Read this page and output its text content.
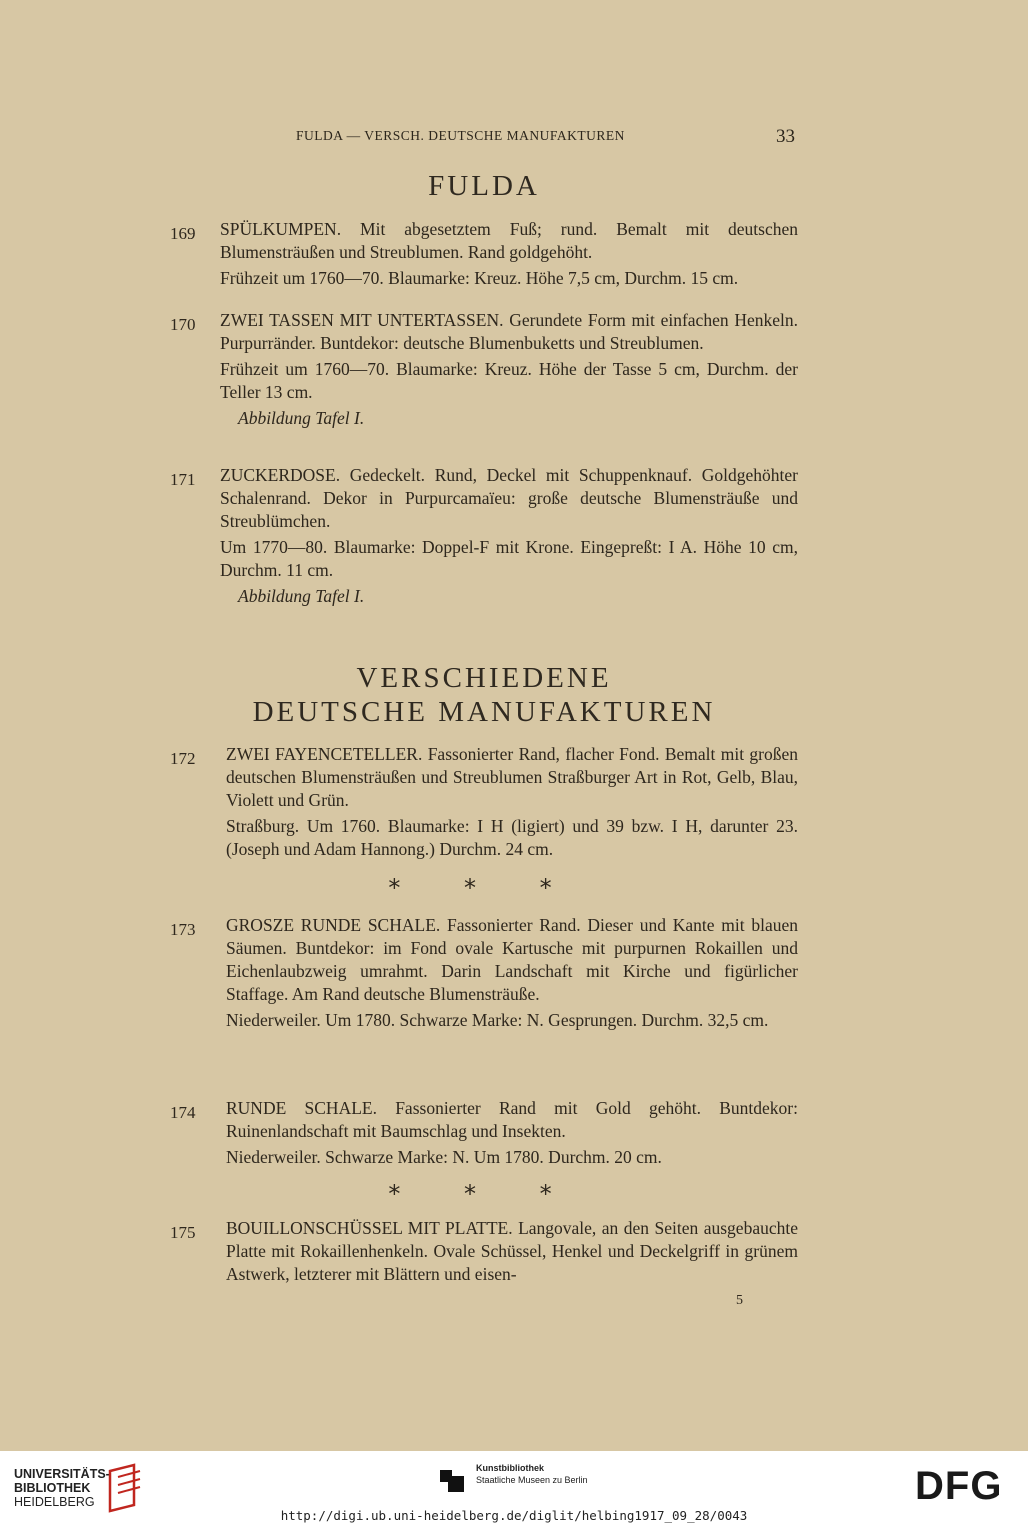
FULDA — VERSCH. DEUTSCHE MANUFAKTUREN	33
FULDA
169 SPÜLKUMPEN. Mit abgesetztem Fuß; rund. Bemalt mit deutschen Blumensträußen und Streublumen. Rand goldgehöht.

Frühzeit um 1760—70. Blaumarke: Kreuz. Höhe 7,5 cm, Durchm. 15 cm.

170 ZWEI TASSEN MIT UNTERTASSEN. Gerundete Form mit einfachen Henkeln. Purpurränder. Buntdekor: deutsche Blumenbuketts und Streublumen.

Frühzeit um 1760—70. Blaumarke: Kreuz. Höhe der Tasse 5 cm, Durchm. der Teller 13 cm.

Abbildung Tafel I.

171 ZUCKERDOSE. Gedeckelt. Rund, Deckel mit Schuppenknauf. Goldgehöhter Schalenrand. Dekor in Purpurcamaïeu: große deutsche Blumensträuße und Streublümchen.

Um 1770—80. Blaumarke: Doppel-F mit Krone. Eingepreßt: I A. Höhe 10 cm, Durchm. 11 cm.

Abbildung Tafel I.

VERSCHIEDENE
DEUTSCHE MANUFAKTUREN
172 ZWEI FAYENCETELLER. Fassonierter Rand, flacher Fond. Bemalt mit großen deutschen Blumensträußen und Streublumen Straßburger Art in Rot, Gelb, Blau, Violett und Grün.

Straßburg. Um 1760. Blaumarke: I H (ligiert) und 39 bzw. I H, darunter 23. (Joseph und Adam Hannong.) Durchm. 24 cm.

* * *
173 GROSZE RUNDE SCHALE. Fassonierter Rand. Dieser und Kante mit blauen Säumen. Buntdekor: im Fond ovale Kartusche mit purpurnen Rokaillen und Eichenlaubzweig umrahmt. Darin Landschaft mit Kirche und figürlicher Staffage. Am Rand deutsche Blumensträuße.

Niederweiler. Um 1780. Schwarze Marke: N. Gesprungen. Durchm. 32,5 cm.

174 RUNDE SCHALE. Fassonierter Rand mit Gold gehöht. Buntdekor: Ruinenlandschaft mit Baumschlag und Insekten.

Niederweiler. Schwarze Marke: N. Um 1780. Durchm. 20 cm.

* * *
175 BOUILLONSCHÜSSEL MIT PLATTE. Langovale, an den Seiten ausgebauchte Platte mit Rokaillenhenkeln. Ovale Schüssel, Henkel und Deckelgriff in grünem Astwerk, letzterer mit Blättern und eisen-

5
UNIVERSITÄTS-
BIBLIOTHEK
HEIDELBERG
Kunstbibliothek
Staatliche Museen zu Berlin	DFG
http://digi.ub.uni-heidelberg.de/diglit/helbing1917_09_28/0043
